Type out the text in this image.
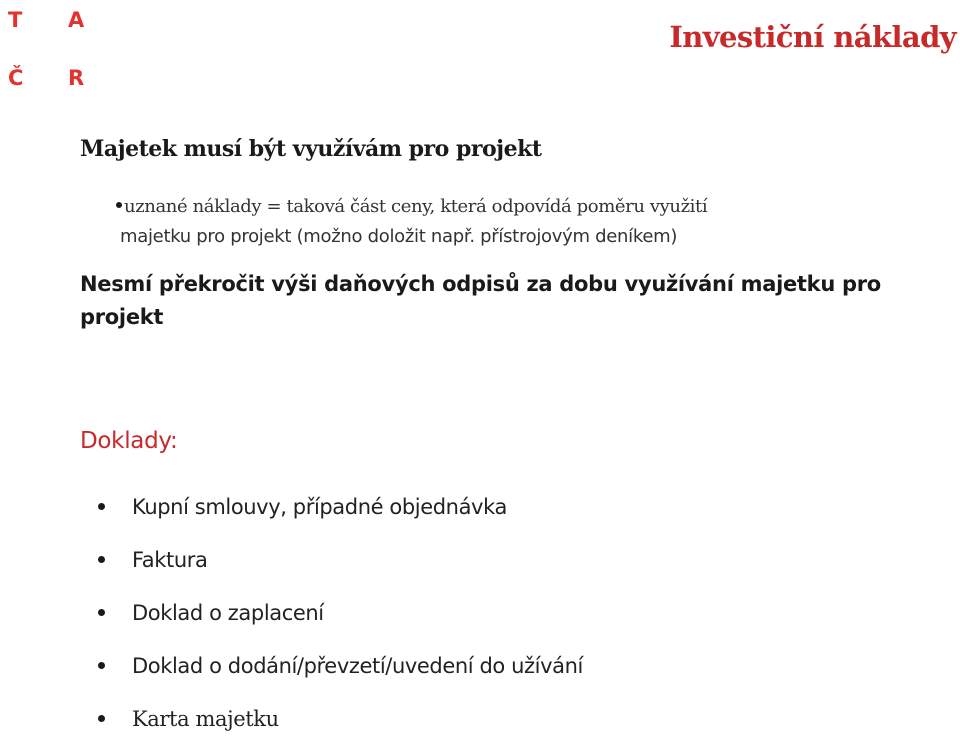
T A
Č R
Investiční náklady
Majetek musí být využívám pro projekt
uznané náklady = taková část ceny, která odpovídá poměru využití
majetku pro projekt (možno doložit např. přístrojovým deníkem)
Nesmí překročit výši daňových odpisů za dobu využívání majetku pro projekt
Doklady:
Kupní smlouvy, případné objednávka
Faktura
Doklad o zaplacení
Doklad o dodání/převzetí/uvedení do užívání
Karta majetku
